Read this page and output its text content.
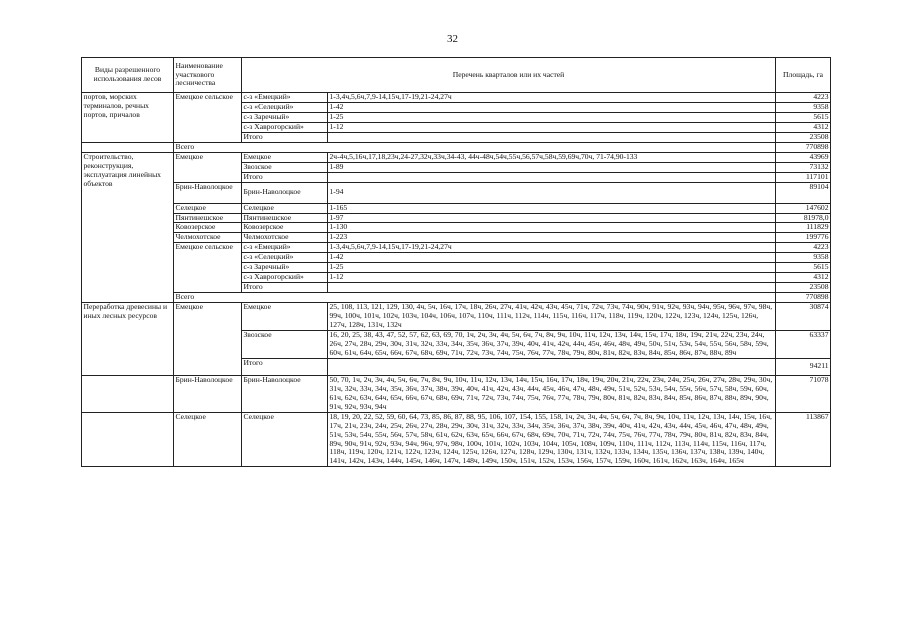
32
Виды разрешенного использования лесов	Наименование участкового лесничества	Перечень кварталов или их частей		Площадь, га
портов, морских терминалов, речных портов, причалов	Емецкое сельское	с-з «Емецкий»	1-3,4ч,5,6ч,7,9-14,15ч,17-19,21-24,27ч	4223
		с-з «Селецкий»	1-42	9358
		с-з Заречный»	1-25	5615
		с-з Хаврогорский»	1-12	4312
		Итого		23508
	Всего			770898
Строительство, реконструкция, эксплуатация линейных объектов	Емецкое	Емецкое	2ч-4ч,5,16ч,17,18,23ч,24-27,32ч,33ч,34-43, 44ч-48ч,54ч,55ч,56,57ч,58ч,59,69ч,70ч, 71-74,90-133	43969
		Звозское	1-89	73132
		Итого		117101
	Брин-Наволоцкое	Брин-Наволоцкое	1-94	89104
	Селецкое	Селецкое	1-165	147602
	Пянтинешское	Пянтинешское	1-97	81978,0
	Ковозерское	Ковозерское	1-130	111829
	Челмохотское	Челмохотское	1-223	199776
	Емецкое сельское	с-з «Емецкий»	1-3,4ч,5,6ч,7,9-14,15ч,17-19,21-24,27ч	4223
		с-з «Селецкий»	1-42	9358
		с-з Заречный»	1-25	5615
		с-з Хаврогорский»	1-12	4312
		Итого		23508
	Всего			770898
Переработка древесины и иных лесных ресурсов	Емецкое	Емецкое	25, 108, 113, 121, 129, 130, 4ч, 5ч, 16ч, 17ч, 18ч, 26ч, 27ч, 41ч, 42ч, 43ч, 45ч, 71ч, 72ч, 73ч, 74ч, 90ч, 91ч, 92ч, 93ч, 94ч, 95ч, 96ч, 97ч, 98ч, 99ч, 100ч, 101ч, 102ч, 103ч, 104ч, 106ч, 107ч, 110ч, 111ч, 112ч, 114ч, 115ч, 116ч, 117ч, 118ч, 119ч, 120ч, 122ч, 123ч, 124ч, 125ч, 126ч, 127ч, 128ч, 131ч, 132ч	30874
		Звозское	16, 20, 25, 38, 43, 47, 52, 57, 62, 63, 69, 70, 1ч, 2ч, 3ч, 4ч, 5ч, 6ч, 7ч, 8ч, 9ч, 10ч, 11ч, 12ч, 13ч, 14ч, 15ч, 17ч, 18ч, 19ч, 21ч, 22ч, 23ч, 24ч, 26ч, 27ч, 28ч, 29ч, 30ч, 31ч, 32ч, 33ч, 34ч, 35ч, 36ч, 37ч, 39ч, 40ч, 41ч, 42ч, 44ч, 45ч, 46ч, 48ч, 49ч, 50ч, 51ч, 53ч, 54ч, 55ч, 56ч, 58ч, 59ч, 60ч, 61ч, 64ч, 65ч, 66ч, 67ч, 68ч, 69ч, 71ч, 72ч, 73ч, 74ч, 75ч, 76ч, 77ч, 78ч, 79ч, 80ч, 81ч, 82ч, 83ч, 84ч, 85ч, 86ч, 87ч, 88ч, 89ч	63337
		Итого		94211
	Брин-Наволоцкое	Брин-Наволоцкое	50, 70, 1ч, 2ч, 3ч, 4ч, 5ч, 6ч, 7ч, 8ч, 9ч, 10ч, 11ч, 12ч, 13ч, 14ч, 15ч, 16ч, 17ч, 18ч, 19ч, 20ч, 21ч, 22ч, 23ч, 24ч, 25ч, 26ч, 27ч, 28ч, 29ч, 30ч, 31ч, 32ч, 33ч, 34ч, 35ч, 36ч, 37ч, 38ч, 39ч, 40ч, 41ч, 42ч, 43ч, 44ч, 45ч, 46ч, 47ч, 48ч, 49ч, 51ч, 52ч, 53ч, 54ч, 55ч, 56ч, 57ч, 58ч, 59ч, 60ч, 61ч, 62ч, 63ч, 64ч, 65ч, 66ч, 67ч, 68ч, 69ч, 71ч, 72ч, 73ч, 74ч, 75ч, 76ч, 77ч, 78ч, 79ч, 80ч, 81ч, 82ч, 83ч, 84ч, 85ч, 86ч, 87ч, 88ч, 89ч, 90ч, 91ч, 92ч, 93ч, 94ч	71078
	Селецкое	Селецкое	18, 19, 20, 22, 52, 59, 60, 64, 73, 85, 86, 87, 88, 95, 106, 107, 154, 155, 158, 1ч, 2ч, 3ч, 4ч, 5ч, 6ч, 7ч, 8ч, 9ч, 10ч, 11ч, 12ч, 13ч, 14ч, 15ч, 16ч, 17ч, 21ч, 23ч, 24ч, 25ч, 26ч, 27ч, 28ч, 29ч, 30ч, 31ч, 32ч, 33ч, 34ч, 35ч, 36ч, 37ч, 38ч, 39ч, 40ч, 41ч, 42ч, 43ч, 44ч, 45ч, 46ч, 47ч, 48ч, 49ч, 51ч, 53ч, 54ч, 55ч, 56ч, 57ч, 58ч, 61ч, 62ч, 63ч, 65ч, 66ч, 67ч, 68ч, 69ч, 70ч, 71ч, 72ч, 74ч, 75ч, 76ч, 77ч, 78ч, 79ч, 80ч, 81ч, 82ч, 83ч, 84ч, 89ч, 90ч, 91ч, 92ч, 93ч, 94ч, 96ч, 97ч, 98ч, 100ч, 101ч, 102ч, 103ч, 104ч, 105ч, 108ч, 109ч, 110ч, 111ч, 112ч, 113ч, 114ч, 115ч, 116ч, 117ч, 118ч, 119ч, 120ч, 121ч, 122ч, 123ч, 124ч, 125ч, 126ч, 127ч, 128ч, 129ч, 130ч, 131ч, 132ч, 133ч, 134ч, 135ч, 136ч, 137ч, 138ч, 139ч, 140ч, 141ч, 142ч, 143ч, 144ч, 145ч, 146ч, 147ч, 148ч, 149ч, 150ч, 151ч, 152ч, 153ч, 156ч, 157ч, 159ч, 160ч, 161ч, 162ч, 163ч, 164ч, 165ч	113867
